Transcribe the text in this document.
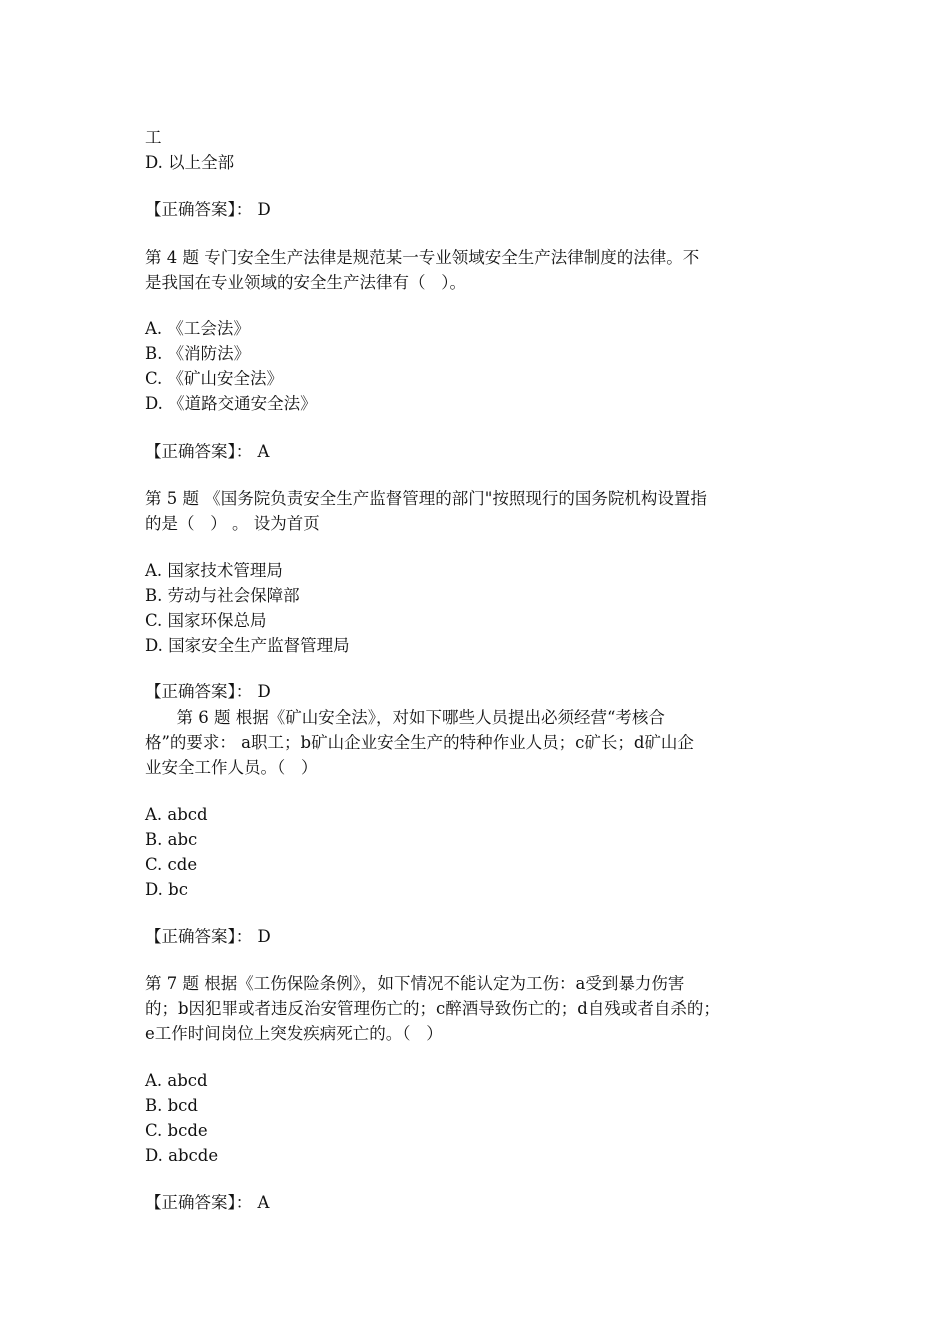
工
D. 以上全部
【正确答案】： D
第 4 题 专门安全生产法律是规范某一专业领域安全生产法律制度的法律。不
是我国在专业领域的安全生产法律有（   ）。
A. 《工会法》
B. 《消防法》
C. 《矿山安全法》
D. 《道路交通安全法》
【正确答案】： A
第 5 题 《国务院负责安全生产监督管理的部门"按照现行的国务院机构设置指
的是（   ） 。 设为首页
A. 国家技术管理局
B. 劳动与社会保障部
C. 国家环保总局
D. 国家安全生产监督管理局
【正确答案】： D
第 6 题 根据《矿山安全法》，对如下哪些人员提出必须经营“考核合
格”的要求： a职工；b矿山企业安全生产的特种作业人员；c矿长；d矿山企
业安全工作人员。（   ）
A. abcd
B. abc
C. cde
D. bc
【正确答案】： D
第 7 题 根据《工伤保险条例》，如下情况不能认定为工伤：a受到暴力伤害
的；b因犯罪或者违反治安管理伤亡的；c醉酒导致伤亡的；d自残或者自杀的；
e工作时间岗位上突发疾病死亡的。（   ）
A. abcd
B. bcd
C. bcde
D. abcde
【正确答案】： A
